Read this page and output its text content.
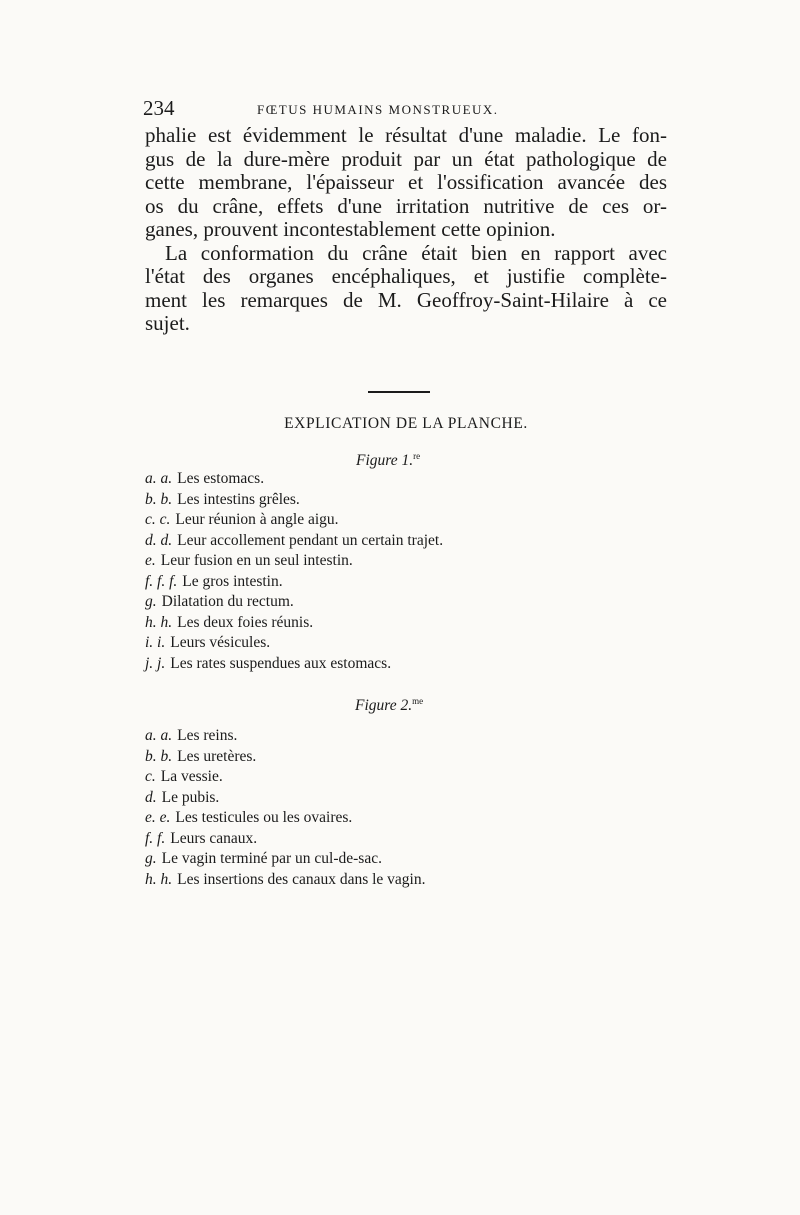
234	FŒTUS HUMAINS MONSTRUEUX.

phalie est évidemment le résultat d'une maladie. Le fon-
gus de la dure-mère produit par un état pathologique de
cette membrane, l'épaisseur et l'ossification avancée des
os du crâne, effets d'une irritation nutritive de ces or-
ganes, prouvent incontestablement cette opinion.

La conformation du crâne était bien en rapport avec
l'état des organes encéphaliques, et justifie complète-
ment les remarques de M. Geoffroy-Saint-Hilaire à ce
sujet.

EXPLICATION DE LA PLANCHE.
Figure 1.$^{re}$
a. a. Les estomacs.
b. b. Les intestins grêles.
c. c. Leur réunion à angle aigu.
d. d. Leur accollement pendant un certain trajet.
e. Leur fusion en un seul intestin.
f. f. f. Le gros intestin.
g. Dilatation du rectum.
h. h. Les deux foies réunis.
i. i. Leurs vésicules.
j. j. Les rates suspendues aux estomacs.
Figure 2.$^{me}$
a. a. Les reins.
b. b. Les uretères.
c. La vessie.
d. Le pubis.
e. e. Les testicules ou les ovaires.
f. f. Leurs canaux.
g. Le vagin terminé par un cul-de-sac.
h. h. Les insertions des canaux dans le vagin.
